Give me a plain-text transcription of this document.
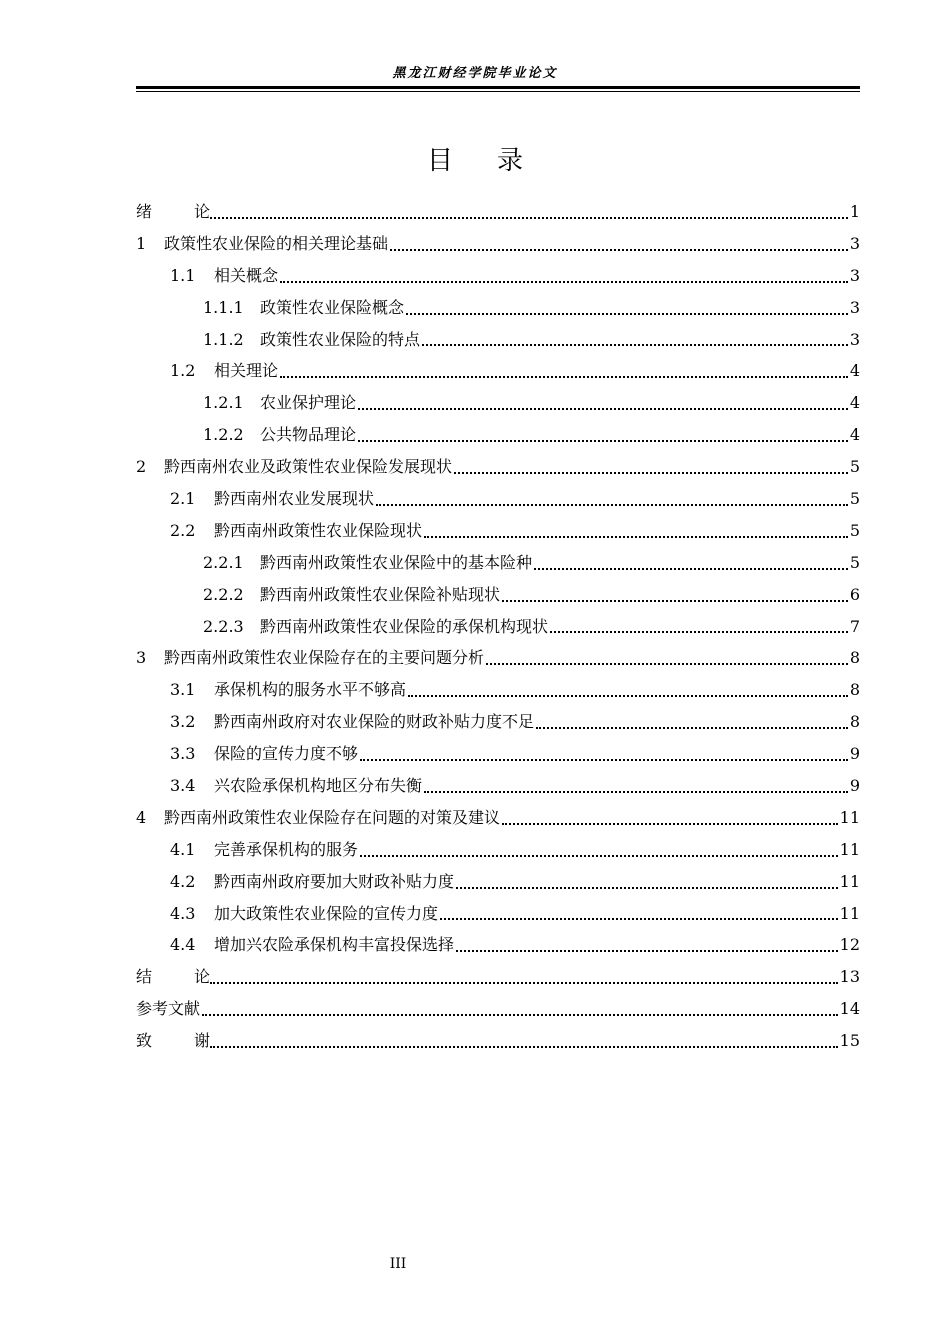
黑龙江财经学院毕业论文
目录
绪论	1
1	政策性农业保险的相关理论基础	3
1.1	相关概念	3
1.1.1	政策性农业保险概念	3
1.1.2	政策性农业保险的特点	3
1.2	相关理论	4
1.2.1	农业保护理论	4
1.2.2	公共物品理论	4
2	黔西南州农业及政策性农业保险发展现状	5
2.1	黔西南州农业发展现状	5
2.2	黔西南州政策性农业保险现状	5
2.2.1	黔西南州政策性农业保险中的基本险种	5
2.2.2	黔西南州政策性农业保险补贴现状	6
2.2.3	黔西南州政策性农业保险的承保机构现状	7
3	黔西南州政策性农业保险存在的主要问题分析	8
3.1	承保机构的服务水平不够高	8
3.2	黔西南州政府对农业保险的财政补贴力度不足	8
3.3	保险的宣传力度不够	9
3.4	兴农险承保机构地区分布失衡	9
4	黔西南州政策性农业保险存在问题的对策及建议	11
4.1	完善承保机构的服务	11
4.2	黔西南州政府要加大财政补贴力度	11
4.3	加大政策性农业保险的宣传力度	11
4.4	增加兴农险承保机构丰富投保选择	12
结论	13
参考文献	14
致谢	15
III
